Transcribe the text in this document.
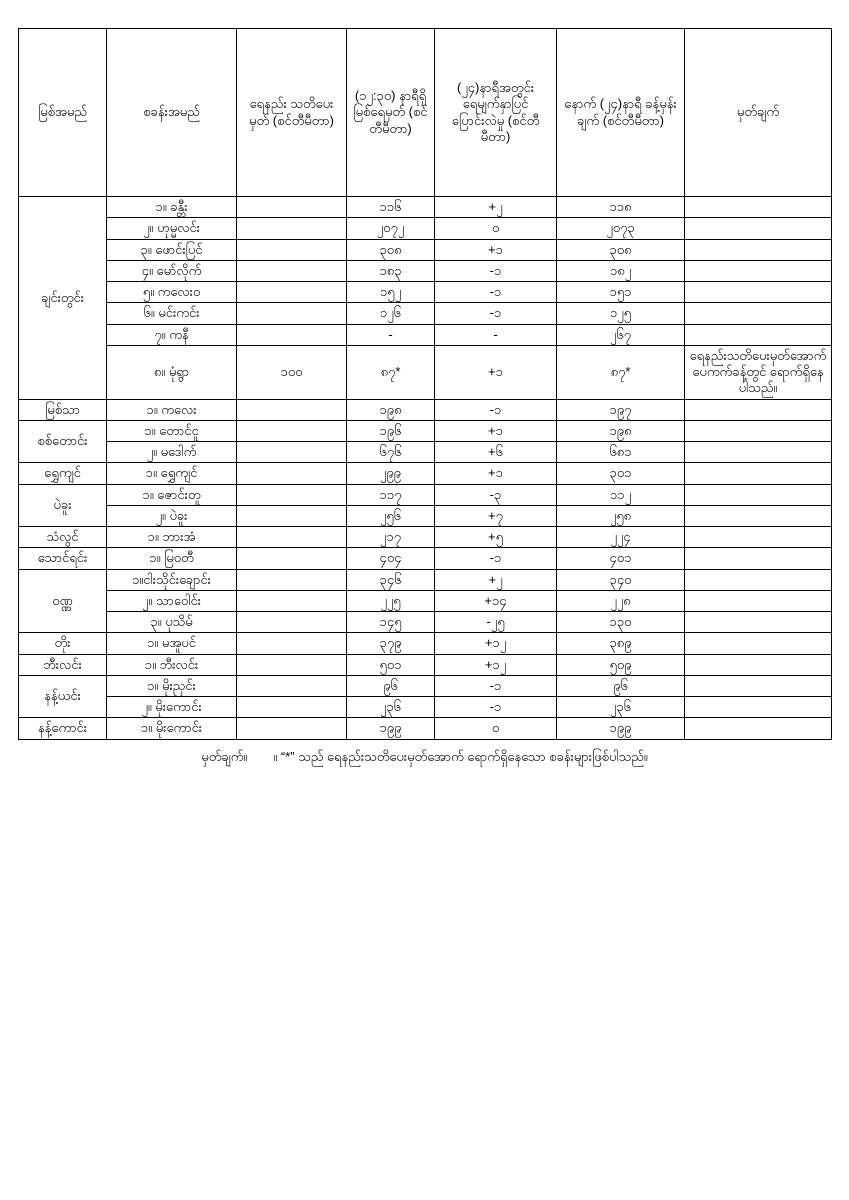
မြစ်အမည်	စခန်းအမည်	ရေနည်း သတိပေးမှတ် (စင်တီမီတာ)	(၁၂:၃၀) နာရီရှိ မြစ်ရေမှတ် (စင်တီမီတာ)	(၂၄)နာရီအတွင်း ရေမျက်နှာပြင် ပြောင်းလဲမှု (စင်တီမီတာ)	နောက် (၂၄)နာရီ ခန့်မှန်းချက် (စင်တီမီတာ)	မှတ်ချက်
ချင်းတွင်း	၁။ ခန္တီး		၁၁၆	+၂	၁၁၈	
	၂။ ဟုမ္မလင်း		၂၀၇၂	၀	၂၀၇၃	
	၃။ ဖောင်းပြင်		၃၀၈	+၁	၃၀၈	
	၄။ မော်လိုက်		၁၈၃	-၁	၁၈၂	
	၅။ ကလေးဝ		၁၅၂	-၁	၁၅၁	
	၆။ မင်းကင်း		၁၂၆	-၁	၁၂၅	
	၇။ ကနီ		-	-	၂၆၇	
	၈။ မုံရွာ	၁၀၀	၈၇*	+၁	၈၇*	ရေနည်းသတိပေးမှတ်အောက် ပေကက်ခန့်တွင် ရောက်ရှိနေပါသည်။
မြစ်သာ	၁။ ကလေး		၁၉၈	-၁	၁၉၇	
စစ်တောင်း	၁။ တောင်ငူ		၁၉၆	+၁	၁၉၈	
	၂။ မဒေါက်		၆၇၆	+၆	၆၈၁	
ရွှေကျင်	၁။ ရွှေကျင်		၂၉၉	+၁	၃၀၁	
ပဲခူး	၁။ ဇောင်းတူ		၁၁၇	-၃	၁၁၂	
	၂။ ပဲခူး		၂၅၆	+၇	၂၅၈	
သံလွင်	၁။ ဘားအံ		၂၁၇	+၅	၂၂၄	
သောင်ရင်း	၁။ မြဝတီ		၄၀၄	-၁	၄၀၁	
ဝဏ္ဏ	၁။ငါးသိုင်းချောင်း		၃၄၆	+၂	၃၄၀	
	၂။ သာဝေါင်း		၂၂၅	+၁၄	၂၂၈	
	၃။ ပုသိမ်		၁၄၅	-၂၅	၁၃၀	
တိုး	၁။ မအူပင်		၃၇၉	+၁၂	၃၈၉	
ဘီးလင်း	၁။ ဘီးလင်း		၅၀၁	+၁၂	၅၀၉	
နန့်ယင်း	၁။ မိုးညှင်း		၉၆	-၁	၉၆	
	၂။ မိုးကောင်း		၂၃၆	-၁	၂၃၆	
နန့်ကောင်း	၁။ မိုးကောင်း		၁၉၉	၀	၁၉၉	
မှတ်ချက်။ ။ “*” သည် ရေနည်းသတိပေးမှတ်အောက် ရောက်ရှိနေသော စခန်းများဖြစ်ပါသည်။
